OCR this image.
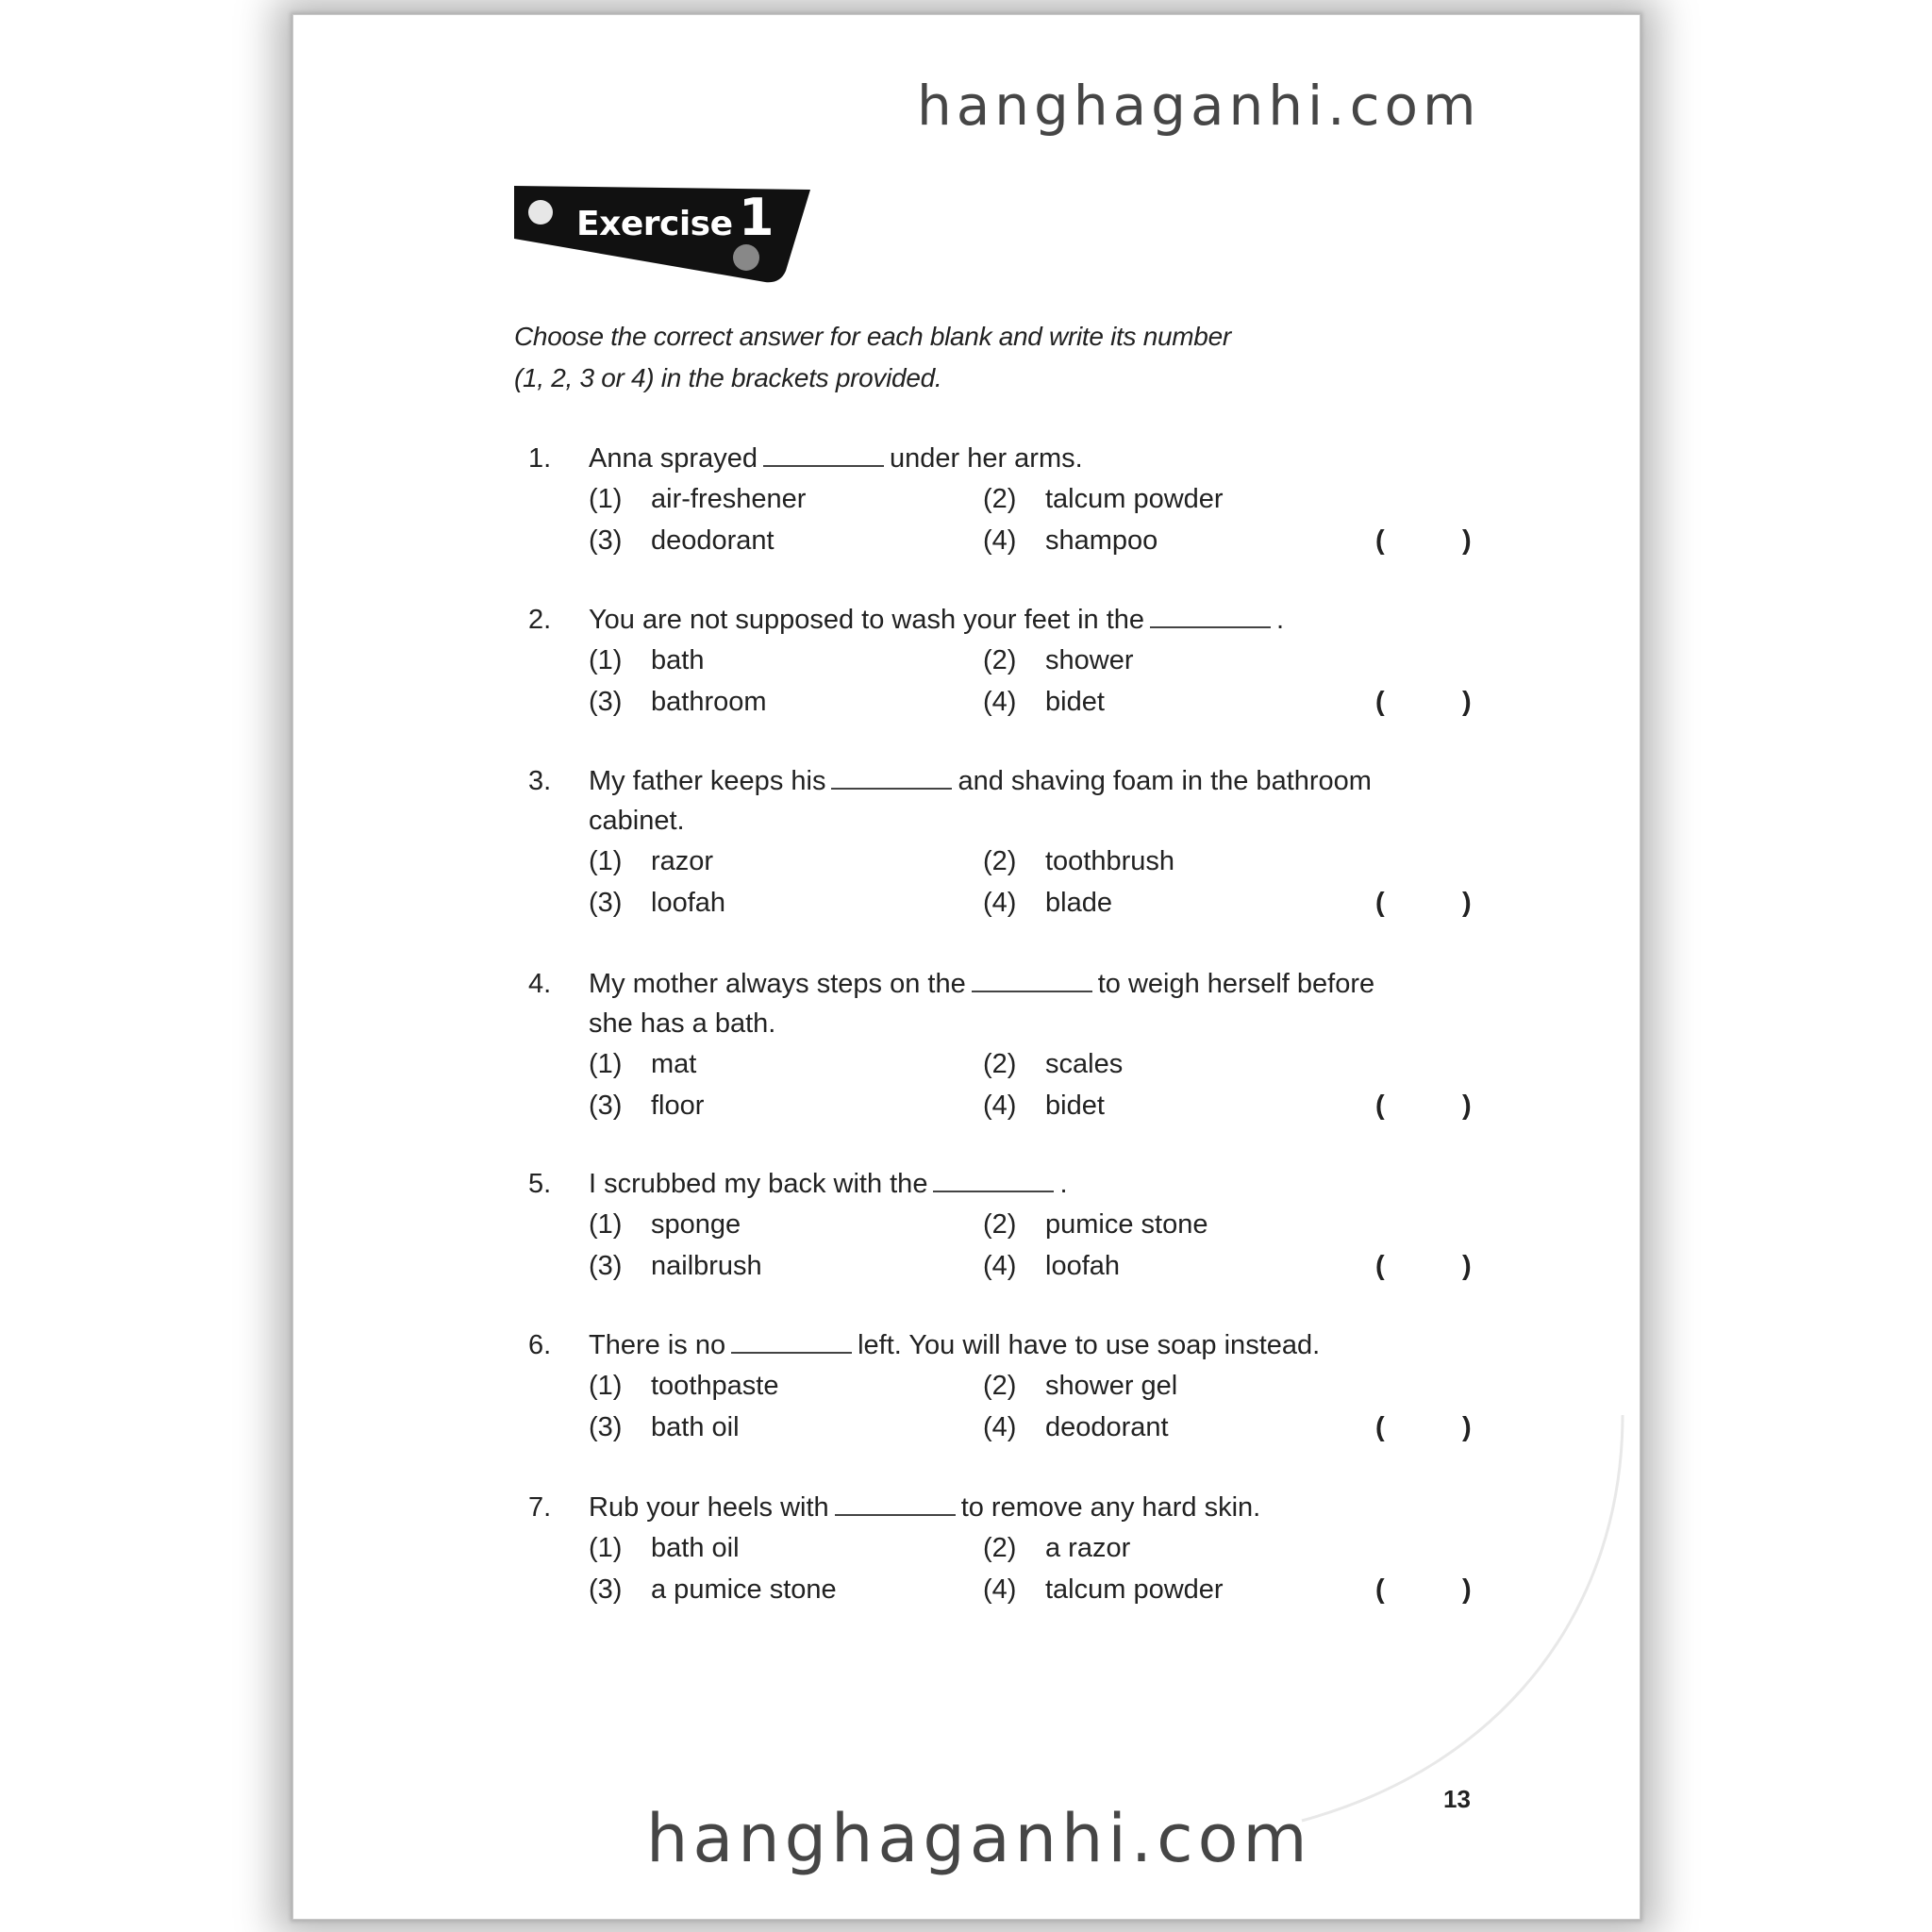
hanghaganhi.com
Exercise 1
Choose the correct answer for each blank and write its number
(1, 2, 3 or 4) in the brackets provided.
1. Anna sprayed	under her arms.
(1) air-freshener	(2) talcum powder
(3) deodorant	(4) shampoo	(	)
2. You are not supposed to wash your feet in the	.
(1) bath	(2) shower
(3) bathroom	(4) bidet	(	)
3. My father keeps his	and shaving foam in the bathroom
cabinet.
(1) razor	(2) toothbrush
(3) loofah	(4) blade	(	)
4. My mother always steps on the	to weigh herself before
she has a bath.
(1) mat	(2) scales
(3) floor	(4) bidet	(	)
5. I scrubbed my back with the	.
(1) sponge	(2) pumice stone
(3) nailbrush	(4) loofah	(	)
6. There is no	left. You will have to use soap instead.
(1) toothpaste	(2) shower gel
(3) bath oil	(4) deodorant	(	)
7. Rub your heels with	to remove any hard skin.
(1) bath oil	(2) a razor
(3) a pumice stone	(4) talcum powder	(	)
13
hanghaganhi.com
